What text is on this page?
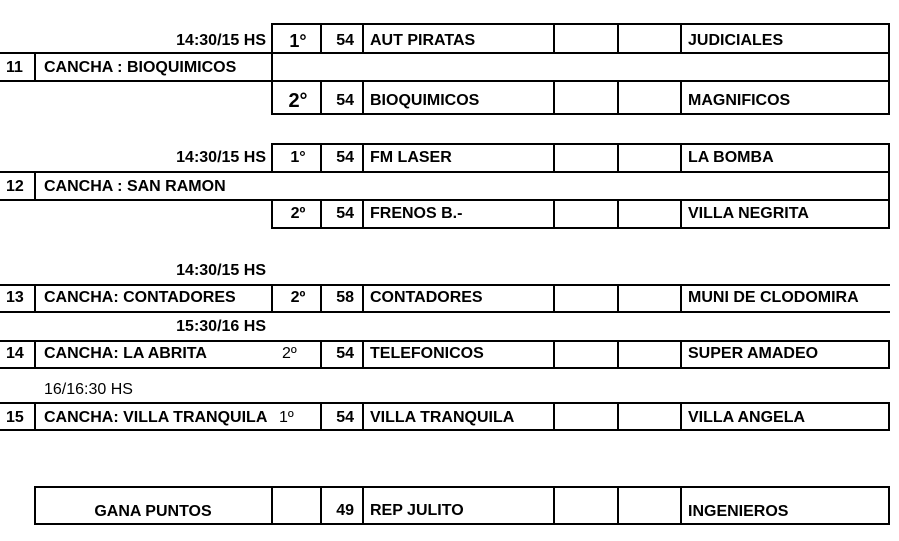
14:30/15 HS	1°	54 AUT PIRATAS	JUDICIALES
11	CANCHA : BIOQUIMICOS
2°	54 BIOQUIMICOS	MAGNIFICOS
14:30/15 HS	1°	54 FM LASER	LA BOMBA
12	CANCHA : SAN RAMON
2º	54 FRENOS B.-	VILLA NEGRITA
14:30/15 HS
13	CANCHA: CONTADORES	2º	58 CONTADORES	MUNI DE CLODOMIRA
15:30/16 HS
14	CANCHA: LA ABRITA	2º	54 TELEFONICOS	SUPER AMADEO
16/16:30 HS
15	CANCHA: VILLA TRANQUILA 1º	54 VILLA TRANQUILA	VILLA ANGELA
GANA PUNTOS	49 REP JULITO	INGENIEROS
